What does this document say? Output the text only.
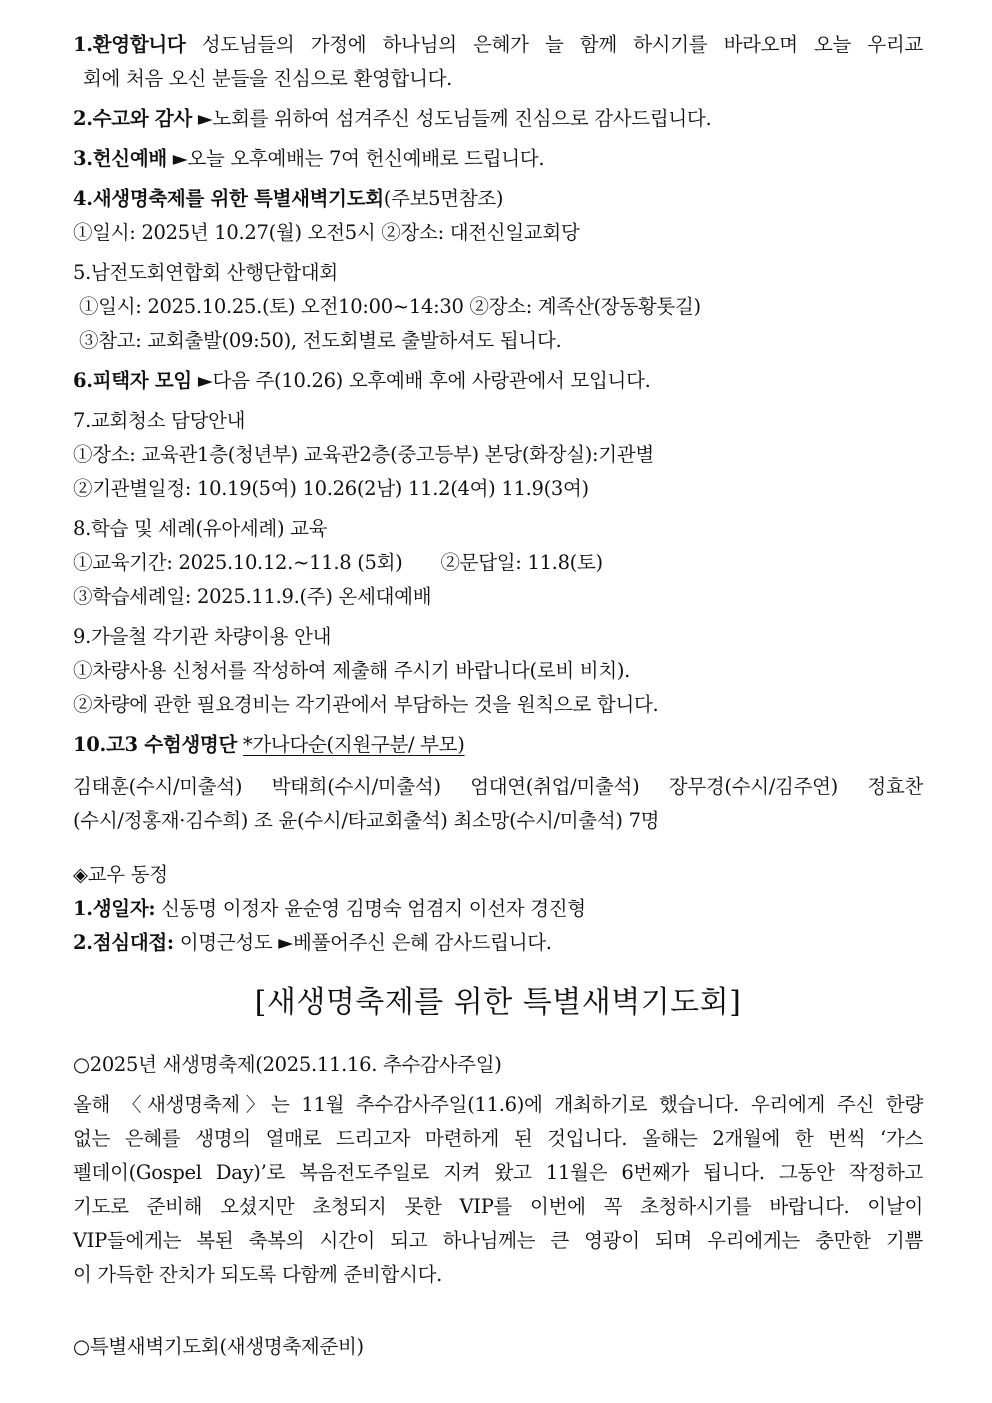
1.환영합니다 성도님들의 가정에 하나님의 은혜가 늘 함께 하시기를 바라오며 오늘 우리교
회에 처음 오신 분들을 진심으로 환영합니다.
2.수고와 감사 ►노회를 위하여 섬겨주신 성도님들께 진심으로 감사드립니다.
3.헌신예배 ►오늘 오후예배는 7여 헌신예배로 드립니다.
4.새생명축제를 위한 특별새벽기도회(주보5면참조)
①일시: 2025년 10.27(월) 오전5시 ②장소: 대전신일교회당
5.남전도회연합회 산행단합대회
①일시: 2025.10.25.(토) 오전10:00~14:30 ②장소: 계족산(장동황톳길)
③참고: 교회출발(09:50), 전도회별로 출발하셔도 됩니다.
6.피택자 모임 ►다음 주(10.26) 오후예배 후에 사랑관에서 모입니다.
7.교회청소 담당안내
①장소: 교육관1층(청년부) 교육관2층(중고등부) 본당(화장실):기관별
②기관별일정: 10.19(5여) 10.26(2남) 11.2(4여) 11.9(3여)
8.학습 및 세례(유아세례) 교육
①교육기간: 2025.10.12.~11.8 (5회) ②문답일: 11.8(토)
③학습세례일: 2025.11.9.(주) 온세대예배
9.가을철 각기관 차량이용 안내
①차량사용 신청서를 작성하여 제출해 주시기 바랍니다(로비 비치).
②차량에 관한 필요경비는 각기관에서 부담하는 것을 원칙으로 합니다.
10.고3 수험생명단 *가나다순(지원구분/ 부모)
김태훈(수시/미출석) 박태희(수시/미출석) 엄대연(취업/미출석) 장무경(수시/김주연) 정효찬
(수시/정홍재·김수희) 조 윤(수시/타교회출석) 최소망(수시/미출석) 7명
◈교우 동정
1.생일자: 신동명 이정자 윤순영 김명숙 엄겸지 이선자 경진형
2.점심대접: 이명근성도 ►베풀어주신 은혜 감사드립니다.
[새생명축제를 위한 특별새벽기도회]
○2025년 새생명축제(2025.11.16. 추수감사주일)
올해 〈새생명축제〉는 11월 추수감사주일(11.6)에 개최하기로 했습니다. 우리에게 주신 한량
없는 은혜를 생명의 열매로 드리고자 마련하게 된 것입니다. 올해는 2개월에 한 번씩 ‘가스
펠데이(Gospel Day)’로 복음전도주일로 지켜 왔고 11월은 6번째가 됩니다. 그동안 작정하고
기도로 준비해 오셨지만 초청되지 못한 VIP를 이번에 꼭 초청하시기를 바랍니다. 이날이
VIP들에게는 복된 축복의 시간이 되고 하나님께는 큰 영광이 되며 우리에게는 충만한 기쁨
이 가득한 잔치가 되도록 다함께 준비합시다.
○특별새벽기도회(새생명축제준비)
